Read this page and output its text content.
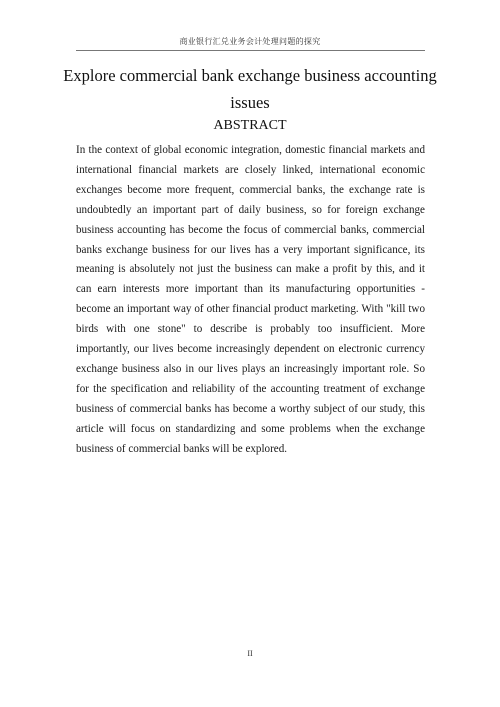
商业银行汇兑业务会计处理问题的探究
Explore commercial bank exchange business accounting issues
ABSTRACT

In the context of global economic integration, domestic financial markets and international financial markets are closely linked, international economic exchanges become more frequent, commercial banks, the exchange rate is undoubtedly an important part of daily business, so for foreign exchange business accounting has become the focus of commercial banks, commercial banks exchange business for our lives has a very important significance, its meaning is absolutely not just the business can make a profit by this, and it can earn interests more important than its manufacturing opportunities - become an important way of other financial product marketing. With "kill two birds with one stone" to describe is probably too insufficient. More importantly, our lives become increasingly dependent on electronic currency exchange business also in our lives plays an increasingly important role. So for the specification and reliability of the accounting treatment of exchange business of commercial banks has become a worthy subject of our study, this article will focus on standardizing and some problems when the exchange business of commercial banks will be explored.

II
